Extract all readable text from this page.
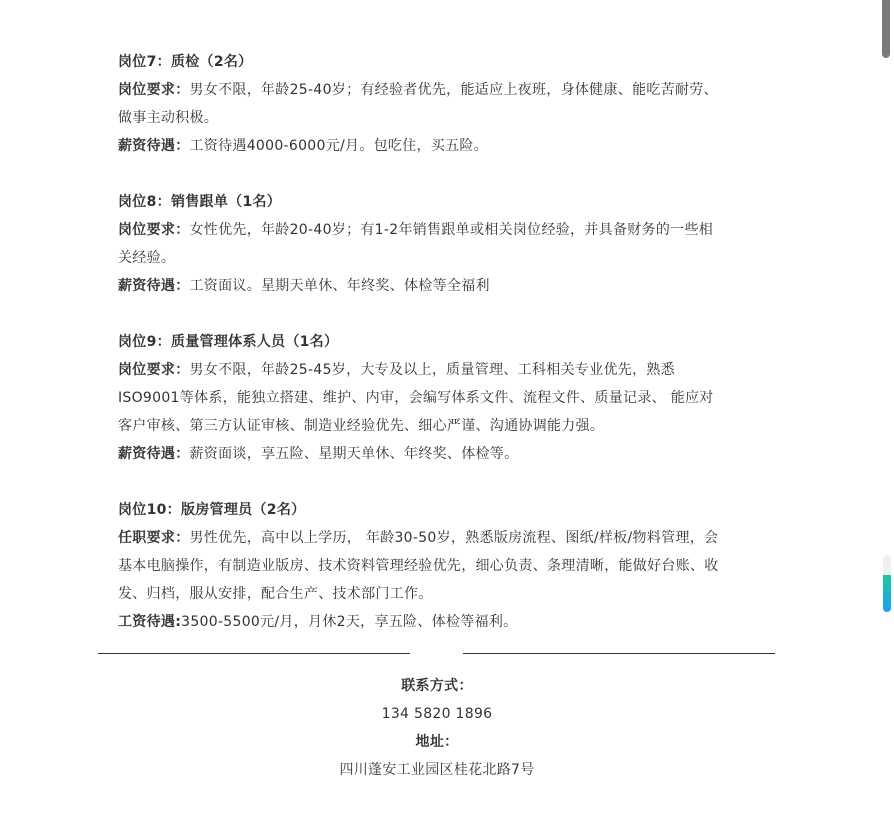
岗位7：质检（2名）

岗位要求：男女不限，年龄25-40岁；有经验者优先，能适应上夜班，身体健康、能吃苦耐劳、

做事主动积极。

薪资待遇：工资待遇4000-6000元/月。包吃住，买五险。

岗位8：销售跟单（1名）

岗位要求：女性优先，年龄20-40岁；有1-2年销售跟单或相关岗位经验，并具备财务的一些相

关经验。

薪资待遇：工资面议。星期天单休、年终奖、体检等全福利

岗位9：质量管理体系人员（1名）

岗位要求：男女不限，年龄25-45岁，大专及以上，质量管理、工科相关专业优先，熟悉

ISO9001等体系，能独立搭建、维护、内审，会编写体系文件、流程文件、质量记录、 能应对

客户审核、第三方认证审核、制造业经验优先、细心严谨、沟通协调能力强。

薪资待遇：薪资面谈，享五险、星期天单休、年终奖、体检等。

岗位10：版房管理员（2名）

任职要求：男性优先，高中以上学历， 年龄30-50岁，熟悉版房流程、图纸/样板/物料管理，会

基本电脑操作，有制造业版房、技术资料管理经验优先，细心负责、条理清晰，能做好台账、收

发、归档，服从安排，配合生产、技术部门工作。

工资待遇:3500-5500元/月，月休2天，享五险、体检等福利。

联系方式：

134 5820 1896

地址：

四川蓬安工业园区桂花北路7号
